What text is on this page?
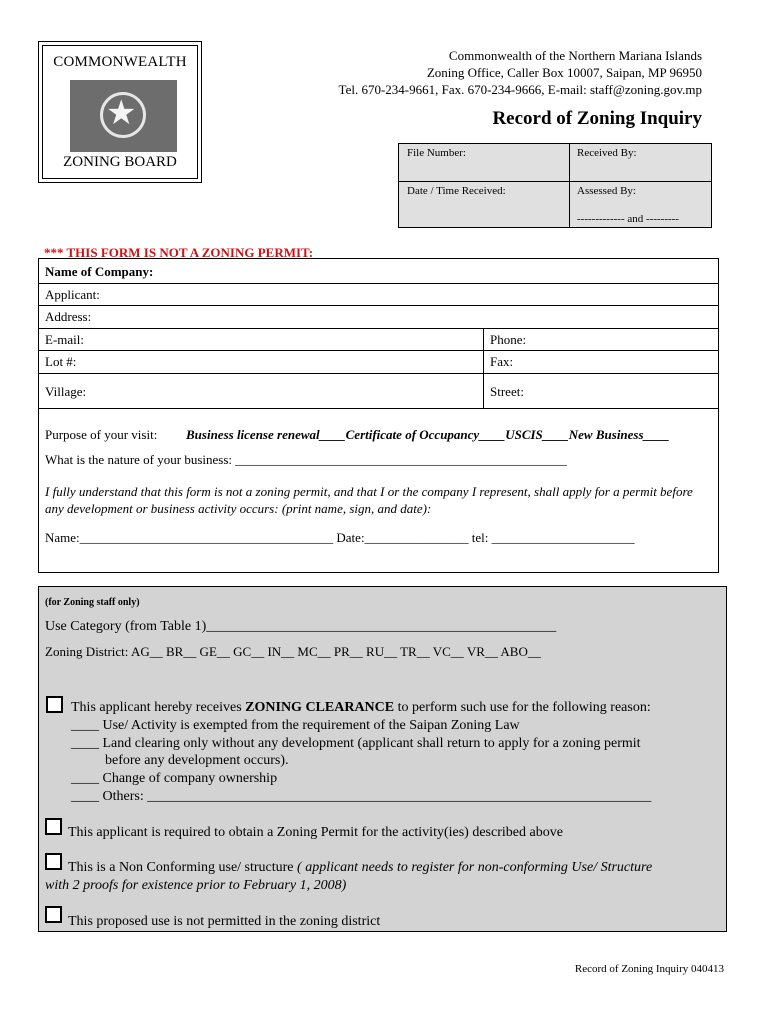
COMMONWEALTH
★
ZONING BOARD
Commonwealth of the Northern Mariana Islands
Zoning Office, Caller Box 10007, Saipan, MP 96950
Tel. 670-234-9661, Fax. 670-234-9666, E-mail: staff@zoning.gov.mp
Record of Zoning Inquiry
File Number:	Received By:
Date / Time Received:	Assessed By:
------------- and ---------
*** THIS FORM IS NOT A ZONING PERMIT:
Name of Company:
Applicant:
Address:
E-mail:	Phone:
Lot #:	Fax:
Village:	Street:
Purpose of your visit: Business license renewal____Certificate of Occupancy____USCIS____New Business____
What is the nature of your business: ___________________________________________________
I fully understand that this form is not a zoning permit, and that I or the company I represent, shall apply for a permit before any development or business activity occurs: (print name, sign, and date):
Name:_______________________________________ Date:________________ tel: ______________________
(for Zoning staff only)
Use Category (from Table 1)__________________________________________________
Zoning District: AG__ BR__ GE__ GC__ IN__ MC__ PR__ RU__ TR__ VC__ VR__ ABO__
This applicant hereby receives ZONING CLEARANCE to perform such use for the following reason:
____ Use/ Activity is exempted from the requirement of the Saipan Zoning Law
____ Land clearing only without any development (applicant shall return to apply for a zoning permit
before any development occurs).
____ Change of company ownership
____ Others: ________________________________________________________________________
This applicant is required to obtain a Zoning Permit for the activity(ies) described above
This is a Non Conforming use/ structure ( applicant needs to register for non-conforming Use/ Structure
with 2 proofs for existence prior to February 1, 2008)
This proposed use is not permitted in the zoning district
Record of Zoning Inquiry 040413
